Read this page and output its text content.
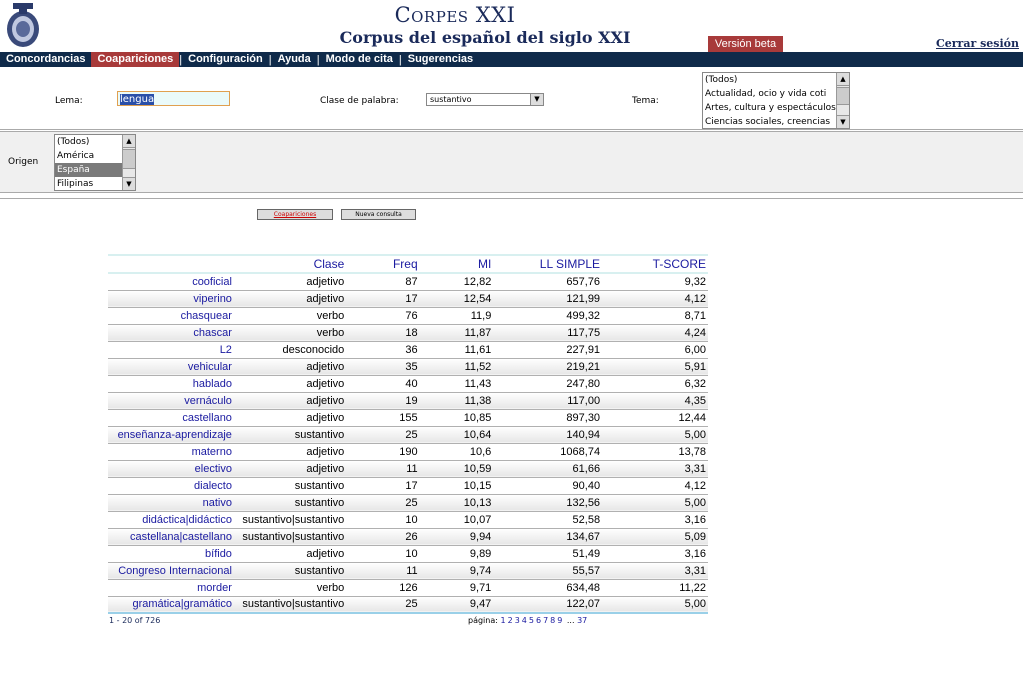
Corpes XXI
Corpus del español del siglo XXI	Versión beta	Cerrar sesión
Concordancias	Coapariciones | Configuración | Ayuda | Modo de cita | Sugerencias
Lema:	lengua	Clase de palabra:	sustantivo	▼	Tema:
(Todos)
Actualidad, ocio y vida coti
Artes, cultura y espectáculos
Ciencias sociales, creencias
▲
▼
Origen
(Todos)
América
España
Filipinas
▲
▼
Coapariciones	Nueva consulta
	Clase	Freq	MI	LL SIMPLE	T-SCORE
cooficial	adjetivo	87	12,82	657,76	9,32
viperino	adjetivo	17	12,54	121,99	4,12
chasquear	verbo	76	11,9	499,32	8,71
chascar	verbo	18	11,87	117,75	4,24
L2	desconocido	36	11,61	227,91	6,00
vehicular	adjetivo	35	11,52	219,21	5,91
hablado	adjetivo	40	11,43	247,80	6,32
vernáculo	adjetivo	19	11,38	117,00	4,35
castellano	adjetivo	155	10,85	897,30	12,44
enseñanza-aprendizaje	sustantivo	25	10,64	140,94	5,00
materno	adjetivo	190	10,6	1068,74	13,78
electivo	adjetivo	11	10,59	61,66	3,31
dialecto	sustantivo	17	10,15	90,40	4,12
nativo	sustantivo	25	10,13	132,56	5,00
didáctica|didáctico	sustantivo|sustantivo	10	10,07	52,58	3,16
castellana|castellano	sustantivo|sustantivo	26	9,94	134,67	5,09
bífido	adjetivo	10	9,89	51,49	3,16
Congreso Internacional	sustantivo	11	9,74	55,57	3,31
morder	verbo	126	9,71	634,48	11,22
gramática|gramático	sustantivo|sustantivo	25	9,47	122,07	5,00

1 - 20 of 726	página: 1 2 3 4 5 6 7 8 9 ... 37
